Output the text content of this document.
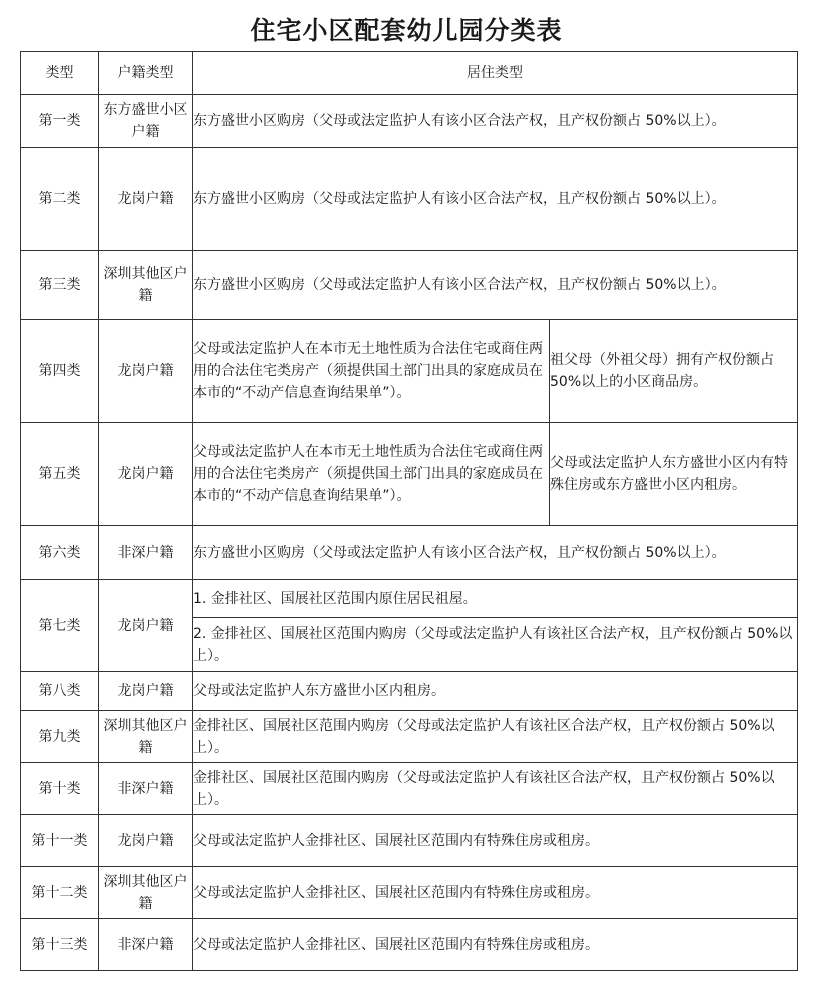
住宅小区配套幼儿园分类表
类型	户籍类型	居住类型	
第一类	东方盛世小区户籍	东方盛世小区购房（父母或法定监护人有该小区合法产权，且产权份额占 50%以上）。	
第二类	龙岗户籍	东方盛世小区购房（父母或法定监护人有该小区合法产权，且产权份额占 50%以上）。	
第三类	深圳其他区户籍	东方盛世小区购房（父母或法定监护人有该小区合法产权，且产权份额占 50%以上）。	
第四类	龙岗户籍	父母或法定监护人在本市无土地性质为合法住宅或商住两用的合法住宅类房产（须提供国土部门出具的家庭成员在本市的“不动产信息查询结果单”）。	祖父母（外祖父母）拥有产权份额占 50%以上的小区商品房。
第五类	龙岗户籍	父母或法定监护人在本市无土地性质为合法住宅或商住两用的合法住宅类房产（须提供国土部门出具的家庭成员在本市的“不动产信息查询结果单”）。	父母或法定监护人东方盛世小区内有特殊住房或东方盛世小区内租房。
第六类	非深户籍	东方盛世小区购房（父母或法定监护人有该小区合法产权，且产权份额占 50%以上）。	
第七类	龙岗户籍	1. 金排社区、国展社区范围内原住居民祖屋。	
		2. 金排社区、国展社区范围内购房（父母或法定监护人有该社区合法产权，且产权份额占 50%以上）。	
第八类	龙岗户籍	父母或法定监护人东方盛世小区内租房。	
第九类	深圳其他区户籍	金排社区、国展社区范围内购房（父母或法定监护人有该社区合法产权，且产权份额占 50%以上）。	
第十类	非深户籍	金排社区、国展社区范围内购房（父母或法定监护人有该社区合法产权，且产权份额占 50%以上）。	
第十一类	龙岗户籍	父母或法定监护人金排社区、国展社区范围内有特殊住房或租房。	
第十二类	深圳其他区户籍	父母或法定监护人金排社区、国展社区范围内有特殊住房或租房。	
第十三类	非深户籍	父母或法定监护人金排社区、国展社区范围内有特殊住房或租房。	
